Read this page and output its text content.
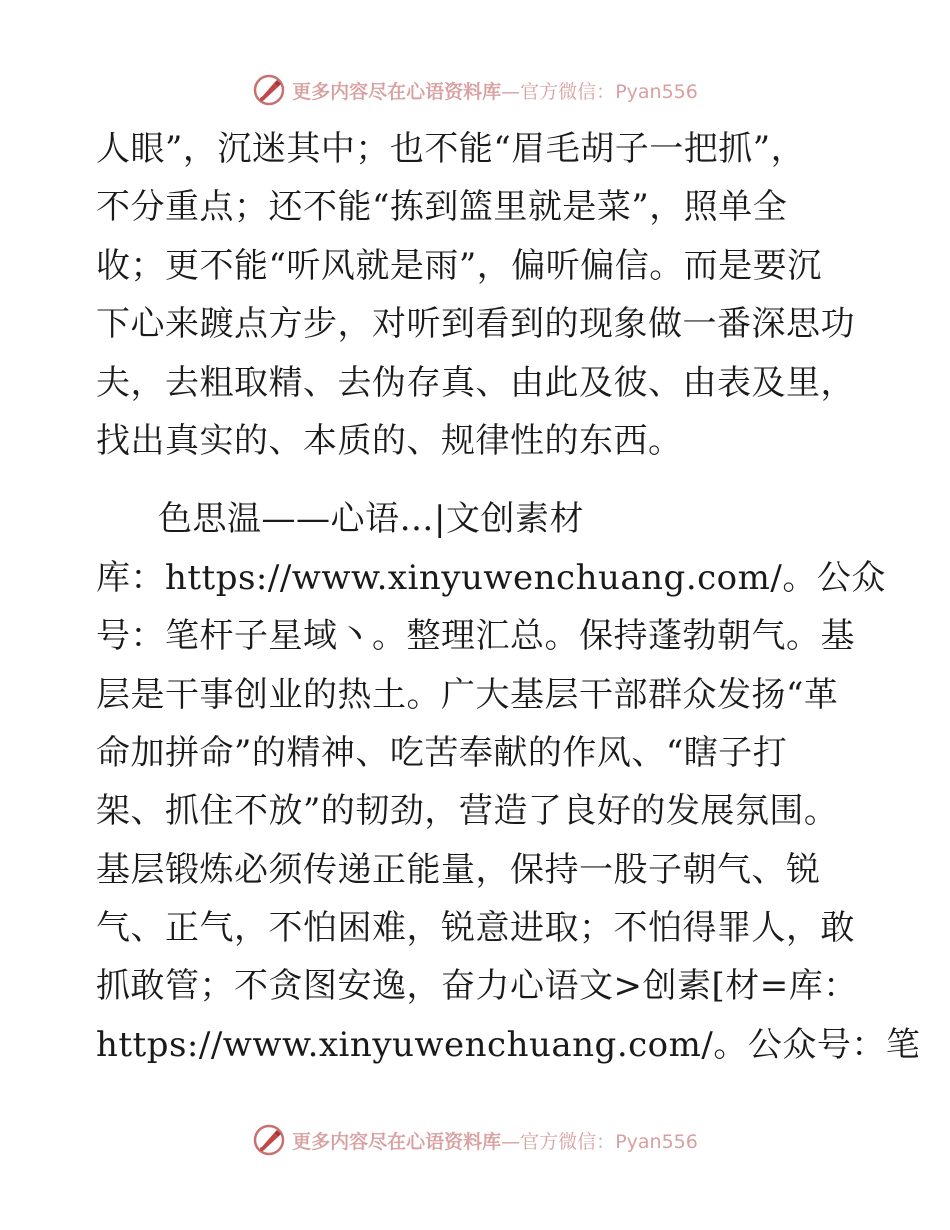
更多内容尽在心语资料库—官方微信：Pyan556
人眼”，沉迷其中；也不能“眉毛胡子一把抓”，
不分重点；还不能“拣到篮里就是菜”，照单全
收；更不能“听风就是雨”，偏听偏信。而是要沉
下心来踱点方步，对听到看到的现象做一番深思功
夫，去粗取精、去伪存真、由此及彼、由表及里，
找出真实的、本质的、规律性的东西。
色思温——心语…|文创素材
库：https://www.xinyuwenchuang.com/。公众
号：笔杆子星域丶。整理汇总。保持蓬勃朝气。基
层是干事创业的热土。广大基层干部群众发扬“革
命加拼命”的精神、吃苦奉献的作风、“瞎子打
架、抓住不放”的韧劲，营造了良好的发展氛围。
基层锻炼必须传递正能量，保持一股子朝气、锐
气、正气，不怕困难，锐意进取；不怕得罪人，敢
抓敢管；不贪图安逸，奋力心语文>创素[材=库：
https://www.xinyuwenchuang.com/。公众号：笔
更多内容尽在心语资料库—官方微信：Pyan556
